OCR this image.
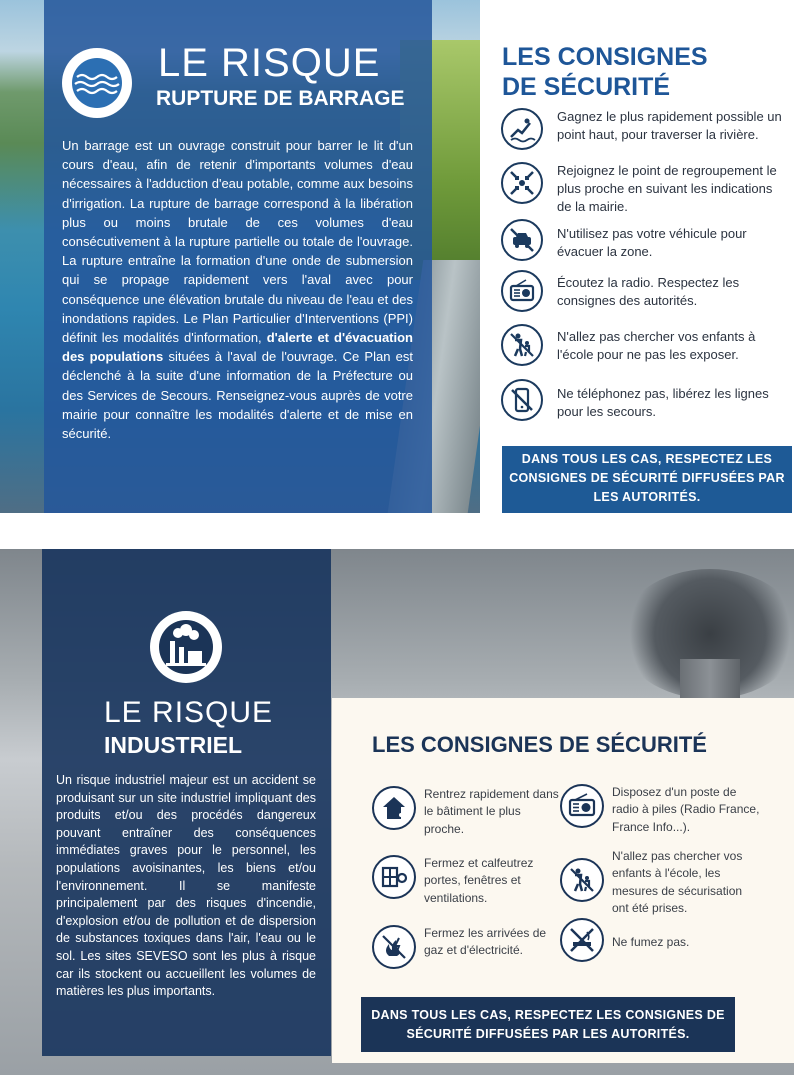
LE RISQUE
RUPTURE DE BARRAGE

Un barrage est un ouvrage construit pour barrer le lit d'un cours d'eau, afin de retenir d'importants volumes d'eau nécessaires à l'adduction d'eau potable, comme aux besoins d'irrigation. La rupture de barrage correspond à la libération plus ou moins brutale de ces volumes d'eau consécutivement à la rupture partielle ou totale de l'ouvrage. La rupture entraîne la formation d'une onde de submersion qui se propage rapidement vers l'aval avec pour conséquence une élévation brutale du niveau de l'eau et des inondations rapides. Le Plan Particulier d'Interventions (PPI) définit les modalités d'information, d'alerte et d'évacuation des populations situées à l'aval de l'ouvrage. Ce Plan est déclenché à la suite d'une information de la Préfecture ou des Services de Secours. Renseignez-vous auprès de votre mairie pour connaître les modalités d'alerte et de mise en sécurité.

LES CONSIGNES
DE SÉCURITÉ
Gagnez le plus rapidement possible un point haut, pour traverser la rivière.
Rejoignez le point de regroupement le plus proche en suivant les indications de la mairie.
N'utilisez pas votre véhicule pour évacuer la zone.
Écoutez la radio. Respectez les consignes des autorités.
N'allez pas chercher vos enfants à l'école pour ne pas les exposer.
Ne téléphonez pas, libérez les lignes pour les secours.
DANS TOUS LES CAS, RESPECTEZ LES CONSIGNES DE SÉCURITÉ DIFFUSÉES PAR LES AUTORITÉS.
LE RISQUE
INDUSTRIEL

Un risque industriel majeur est un accident se produisant sur un site industriel impliquant des produits et/ou des procédés dangereux pouvant entraîner des conséquences immédiates graves pour le personnel, les populations avoisinantes, les biens et/ou l'environnement. Il se manifeste principalement par des risques d'incendie, d'explosion et/ou de pollution et de dispersion de substances toxiques dans l'air, l'eau ou le sol. Les sites SEVESO sont les plus à risque car ils stockent ou accueillent les volumes de matières les plus importants.

LES CONSIGNES DE SÉCURITÉ
Rentrez rapidement dans le bâtiment le plus proche.
Fermez et calfeutrez portes, fenêtres et ventilations.
Fermez les arrivées de gaz et d'électricité.
Disposez d'un poste de radio à piles (Radio France, France Info...).
N'allez pas chercher vos enfants à l'école, les mesures de sécurisation ont été prises.
Ne fumez pas.
DANS TOUS LES CAS, RESPECTEZ LES CONSIGNES DE SÉCURITÉ DIFFUSÉES PAR LES AUTORITÉS.
